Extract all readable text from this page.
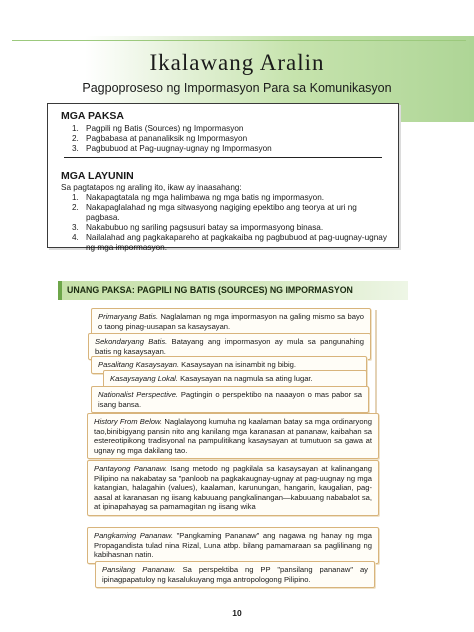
Ikalawang Aralin
Pagpoproseso ng Impormasyon Para sa Komunikasyon
MGA PAKSA
1. Pagpili ng Batis (Sources) ng Impormasyon
2. Pagbabasa at pananaliksik ng Impormasyon
3. Pagbubuod at Pag-uugnay-ugnay ng Impormasyon
MGA LAYUNIN
Sa pagtatapos ng araling ito, ikaw ay inaasahang:
1. Nakapagtatala ng mga halimbawa ng mga batis ng impormasyon.
2. Nakapaglalahad ng mga sitwasyong nagiging epektibo ang teorya at uri ng pagbasa.
3. Nakabubuo ng sariling pagsusuri batay sa impormasyong binasa.
4. Nailalahad ang pagkakapareho at pagkakaiba ng pagbubuod at pag-uugnay-ugnay ng mga impormasyon.
UNANG PAKSA: PAGPILI NG BATIS (SOURCES) NG IMPORMASYON
Primaryang Batis. Naglalaman ng mga impormasyon na galing mismo sa bayo o taong pinag-uusapan sa kasaysayan.
Sekondaryang Batis. Batayang ang impormasyon ay mula sa pangunahing batis ng kasaysayan.
Pasalitang Kasaysayan. Kasaysayan na isinambit ng bibig.
Kasaysayang Lokal. Kasaysayan na nagmula sa ating lugar.
Nationalist Perspective. Pagtingin o perspektibo na naaayon o mas pabor sa isang bansa.
History From Below. Naglalayong kumuha ng kaalaman batay sa mga ordinaryong tao,binibigyang pansin nito ang kanilang mga karanasan at pananaw, kaibahan sa estereotipikong tradisyonal na pampulitikang kasaysayan at tumutuon sa gawa at ugnay ng mga dakilang tao.
Pantayong Pananaw. Isang metodo ng pagkilala sa kasaysayan at kalinangang Pilipino na nakabatay sa "panloob na pagkakaugnay-ugnay at pag-uugnay ng mga katangian, halagahin (values), kaalaman, karunungan, hangarin, kaugalian, pag-aasal at karanasan ng iisang kabuuang pangkalinangan—kabuuang nababalot sa, at ipinapahayag sa pamamagitan ng iisang wika
Pangkaming Pananaw. "Pangkaming Pananaw" ang nagawa ng hanay ng mga Propagandista tulad nina Rizal, Luna atbp. bilang pamamaraan sa paglilinang ng kabihasnan natin.
Pansilang Pananaw. Sa perspektiba ng PP "pansilang pananaw" ay ipinagpapatuloy ng kasalukuyang mga antropologong Pilipino.
10
